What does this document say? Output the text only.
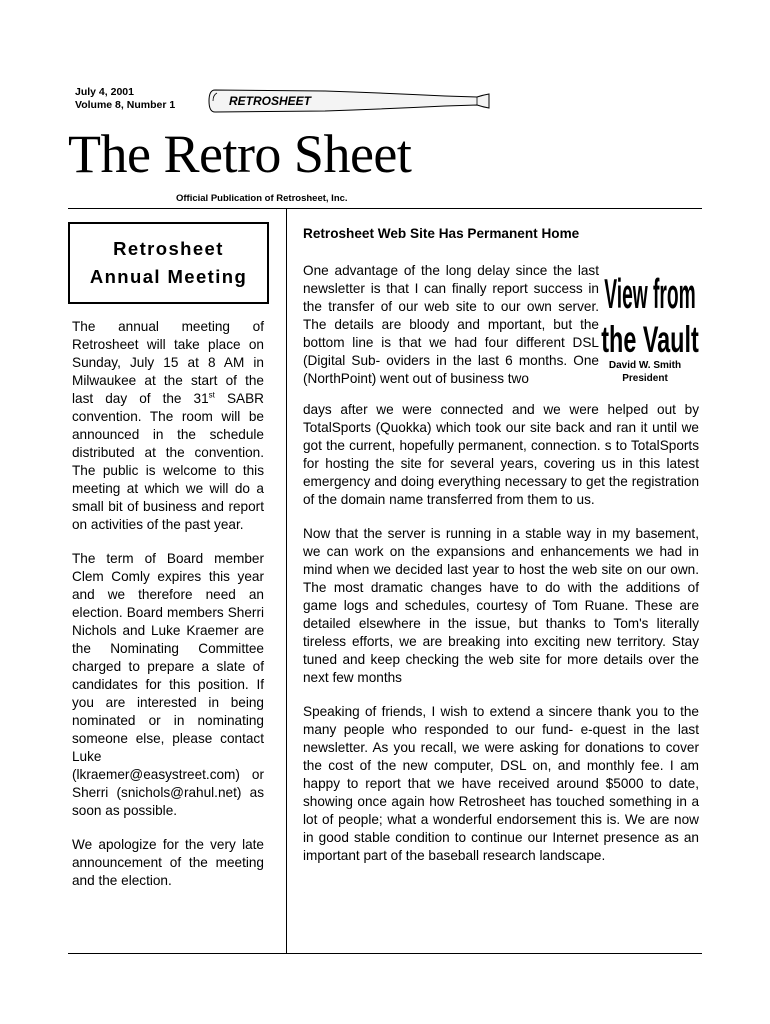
July 4, 2001
Volume 8, Number 1	RETROSHEET
The Retro Sheet
Official Publication of Retrosheet, Inc.
Retrosheet
Annual Meeting

The annual meeting of Retrosheet will take place on Sunday, July 15 at 8 AM in Milwaukee at the start of the last day of the 31st SABR convention. The room will be announced in the schedule distributed at the convention. The public is welcome to this meeting at which we will do a small bit of business and report on activities of the past year.

The term of Board member Clem Comly expires this year and we therefore need an election. Board members Sherri Nichols and Luke Kraemer are the Nominating Committee charged to prepare a slate of candidates for this position. If you are interested in being nominated or in nominating someone else, please contact Luke (lkraemer@easystreet.com) or Sherri (snichols@rahul.net) as soon as possible.

We apologize for the very late announcement of the meeting and the election.

Retrosheet Web Site Has Permanent Home

One advantage of the long delay since the last newsletter is that I can finally report success in the transfer of our web site to our own server. The details are bloody and mportant, but the bottom line is that we had four different DSL (Digital Sub- oviders in the last 6 months. One (NorthPoint) went out of business two

View from
the Vault
David W. Smith
President

days after we were connected and we were helped out by TotalSports (Quokka) which took our site back and ran it until we got the current, hopefully permanent, connection. s to TotalSports for hosting the site for several years, covering us in this latest emergency and doing everything necessary to get the registration of the domain name transferred from them to us.

Now that the server is running in a stable way in my basement, we can work on the expansions and enhancements we had in mind when we decided last year to host the web site on our own. The most dramatic changes have to do with the additions of game logs and schedules, courtesy of Tom Ruane. These are detailed elsewhere in the issue, but thanks to Tom's literally tireless efforts, we are breaking into exciting new territory. Stay tuned and keep checking the web site for more details over the next few months

Speaking of friends, I wish to extend a sincere thank you to the many people who responded to our fund- e-quest in the last newsletter. As you recall, we were asking for donations to cover the cost of the new computer, DSL on, and monthly fee. I am happy to report that we have received around $5000 to date, showing once again how Retrosheet has touched something in a lot of people; what a wonderful endorsement this is. We are now in good stable condition to continue our Internet presence as an important part of the baseball research landscape.
